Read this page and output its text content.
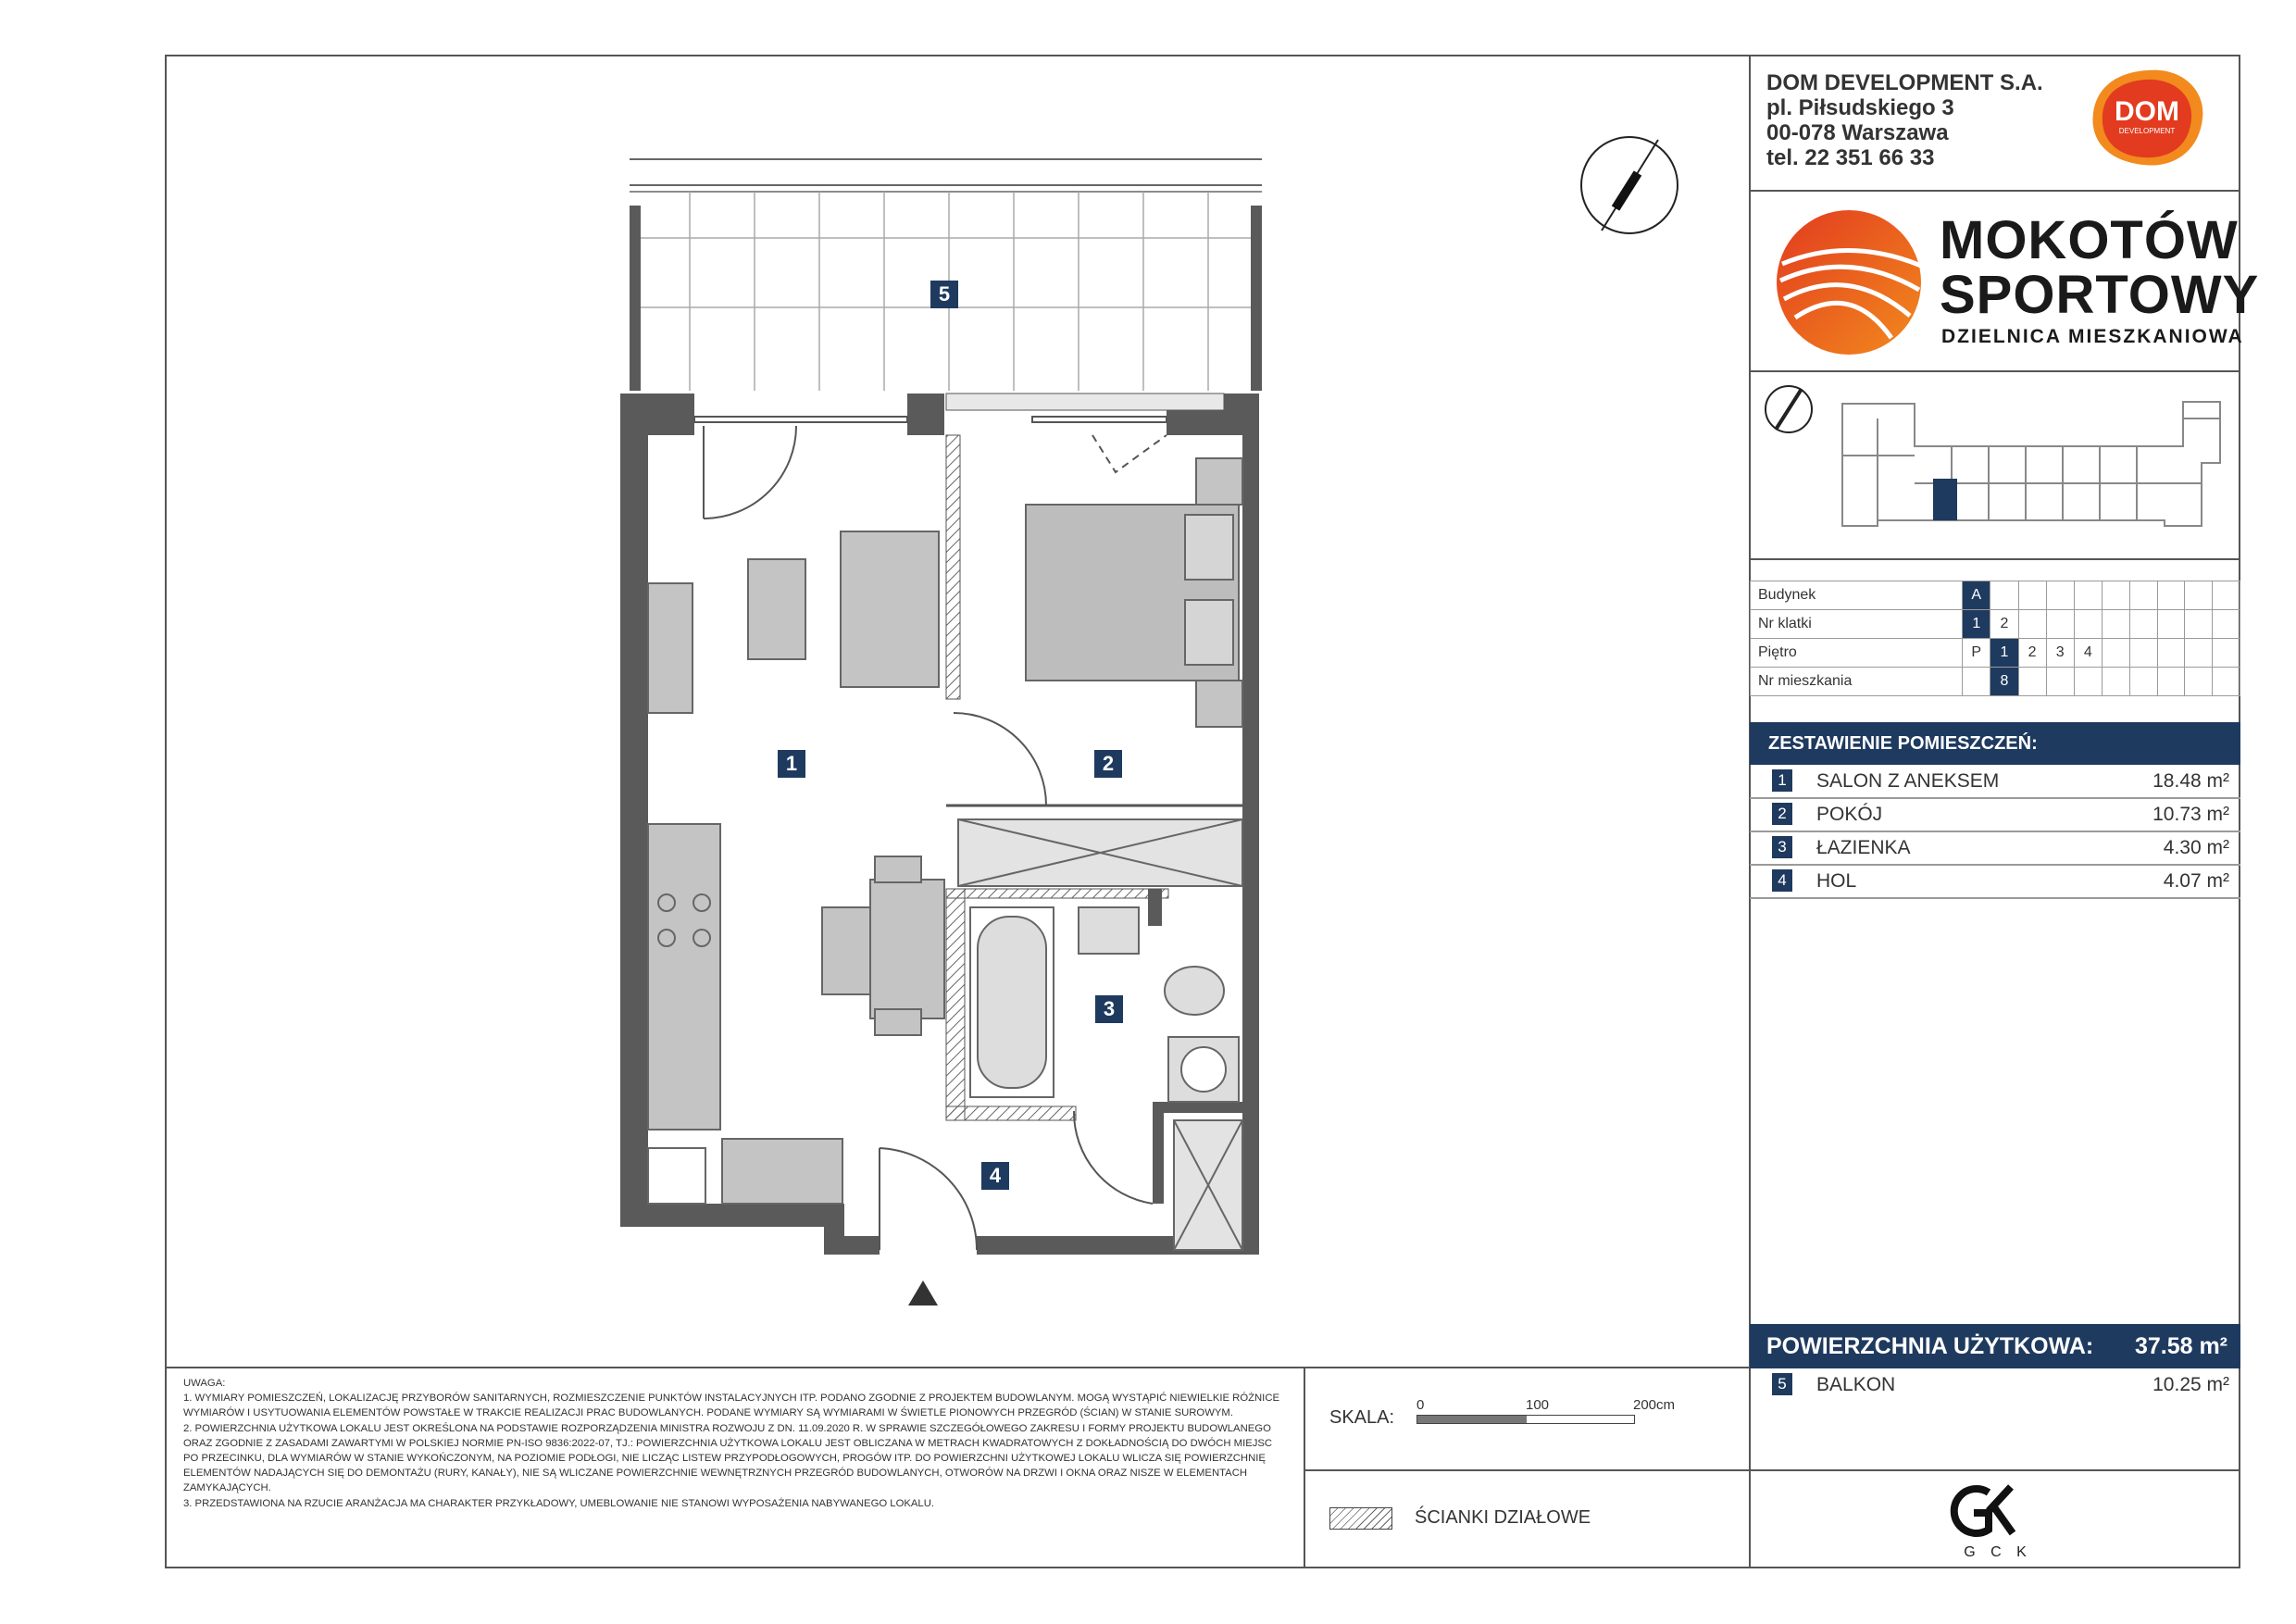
DOM DEVELOPMENT S.A.
pl. Piłsudskiego 3
00-078 Warszawa
tel. 22 351 66 33
DOM
DEVELOPMENT
MOKOTÓW
SPORTOWY
DZIELNICA MIESZKANIOWA
Budynek	A									
Nr klatki	1	2								
Piętro	P	1	2	3	4					
Nr mieszkania		8								
ZESTAWIENIE POMIESZCZEŃ:
1 SALON Z ANEKSEM	18.48 m²
2 POKÓJ	10.73 m²
3 ŁAZIENKA	4.30 m²
4 HOL	4.07 m²
POWIERZCHNIA UŻYTKOWA: 37.58 m²
5 BALKON	10.25 m²
G C K
SKALA:
0	100	200cm
ŚCIANKI DZIAŁOWE

UWAGA:

1. WYMIARY POMIESZCZEŃ, LOKALIZACJĘ PRZYBORÓW SANITARNYCH, ROZMIESZCZENIE PUNKTÓW INSTALACYJNYCH ITP. PODANO ZGODNIE Z PROJEKTEM BUDOWLANYM. MOGĄ WYSTĄPIĆ NIEWIELKIE RÓŻNICE WYMIARÓW I USYTUOWANIA ELEMENTÓW POWSTAŁE W TRAKCIE REALIZACJI PRAC BUDOWLANYCH. PODANE WYMIARY SĄ WYMIARAMI W ŚWIETLE PIONOWYCH PRZEGRÓD (ŚCIAN) W STANIE SUROWYM.

2. POWIERZCHNIA UŻYTKOWA LOKALU JEST OKREŚLONA NA PODSTAWIE ROZPORZĄDZENIA MINISTRA ROZWOJU Z DN. 11.09.2020 R. W SPRAWIE SZCZEGÓŁOWEGO ZAKRESU I FORMY PROJEKTU BUDOWLANEGO ORAZ ZGODNIE Z ZASADAMI ZAWARTYMI W POLSKIEJ NORMIE PN-ISO 9836:2022-07, TJ.: POWIERZCHNIA UŻYTKOWA LOKALU JEST OBLICZANA W METRACH KWADRATOWYCH Z DOKŁADNOŚCIĄ DO DWÓCH MIEJSC PO PRZECINKU, DLA WYMIARÓW W STANIE WYKOŃCZONYM, NA POZIOMIE PODŁOGI, NIE LICZĄC LISTEW PRZYPODŁOGOWYCH, PROGÓW ITP. DO POWIERZCHNI UŻYTKOWEJ LOKALU WLICZA SIĘ POWIERZCHNIĘ ELEMENTÓW NADAJĄCYCH SIĘ DO DEMONTAŻU (RURY, KANAŁY), NIE SĄ WLICZANE POWIERZCHNIE WEWNĘTRZNYCH PRZEGRÓD BUDOWLANYCH, OTWORÓW NA DRZWI I OKNA ORAZ NISZE W ELEMENTACH ZAMYKAJĄCYCH.

3. PRZEDSTAWIONA NA RZUCIE ARANŻACJA MA CHARAKTER PRZYKŁADOWY, UMEBLOWANIE NIE STANOWI WYPOSAŻENIA NABYWANEGO LOKALU.

1	2
3
4
5
